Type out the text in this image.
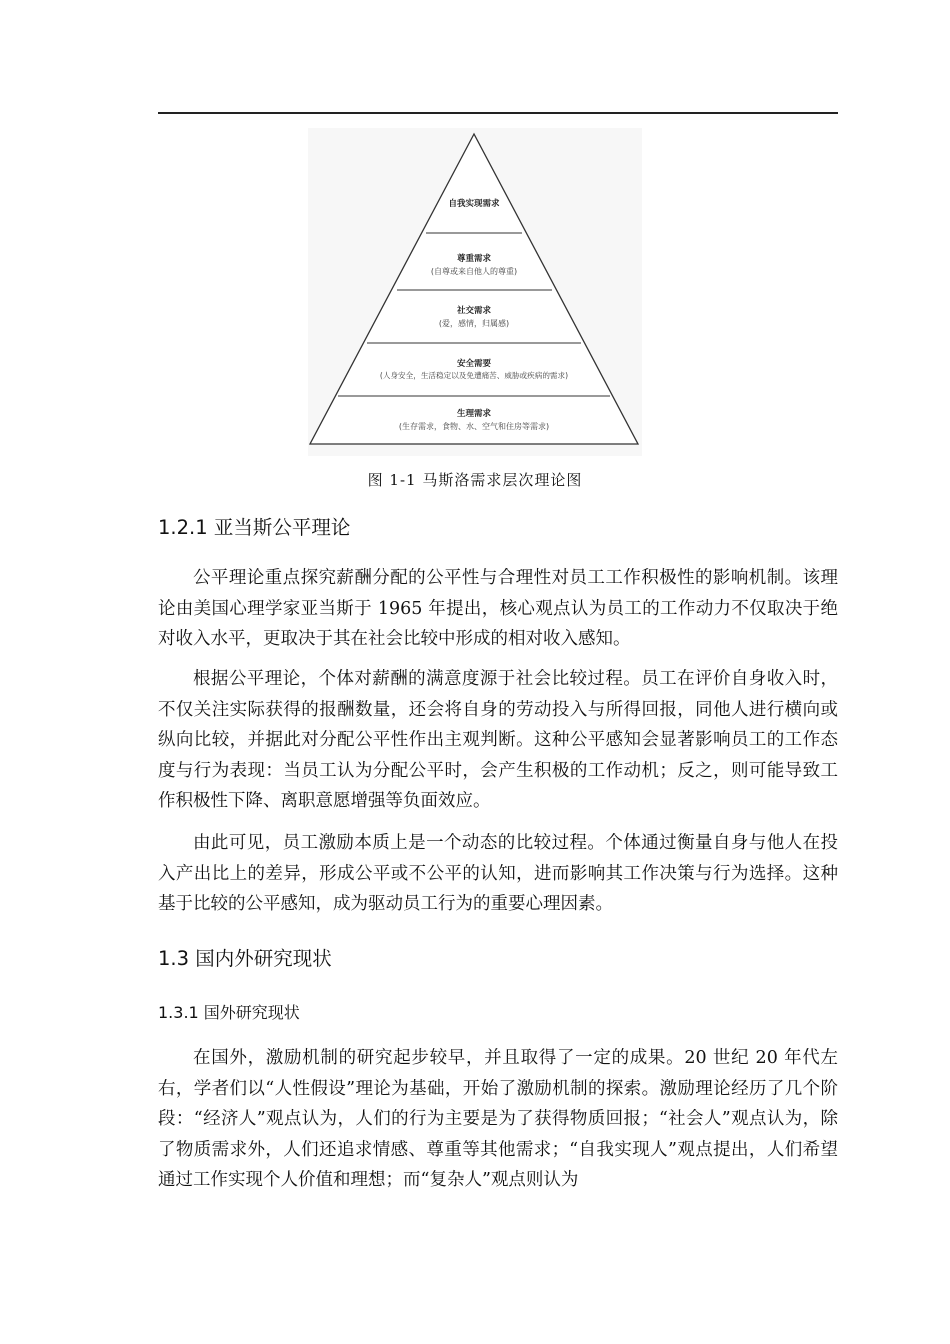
自我实现需求
尊重需求
(自尊或来自他人的尊重)
社交需求
(爱，感情，归属感)
安全需要
(人身安全，生活稳定以及免遭痛苦、威胁或疾病的需求)
生理需求
(生存需求，食物、水、空气和住房等需求)
图 1-1 马斯洛需求层次理论图
1.2.1 亚当斯公平理论

公平理论重点探究薪酬分配的公平性与合理性对员工工作积极性的影响机制。该理论由美国心理学家亚当斯于 1965 年提出，核心观点认为员工的工作动力不仅取决于绝对收入水平，更取决于其在社会比较中形成的相对收入感知。

根据公平理论，个体对薪酬的满意度源于社会比较过程。员工在评价自身收入时，不仅关注实际获得的报酬数量，还会将自身的劳动投入与所得回报，同他人进行横向或纵向比较，并据此对分配公平性作出主观判断。这种公平感知会显著影响员工的工作态度与行为表现：当员工认为分配公平时，会产生积极的工作动机；反之，则可能导致工作积极性下降、离职意愿增强等负面效应。

由此可见，员工激励本质上是一个动态的比较过程。个体通过衡量自身与他人在投入产出比上的差异，形成公平或不公平的认知，进而影响其工作决策与行为选择。这种基于比较的公平感知，成为驱动员工行为的重要心理因素。

1.3 国内外研究现状
1.3.1 国外研究现状

在国外，激励机制的研究起步较早，并且取得了一定的成果。20 世纪 20 年代左右，学者们以“人性假设”理论为基础，开始了激励机制的探索。激励理论经历了几个阶段：“经济人”观点认为，人们的行为主要是为了获得物质回报；“社会人”观点认为，除了物质需求外，人们还追求情感、尊重等其他需求；“自我实现人”观点提出，人们希望通过工作实现个人价值和理想；而“复杂人”观点则认为
